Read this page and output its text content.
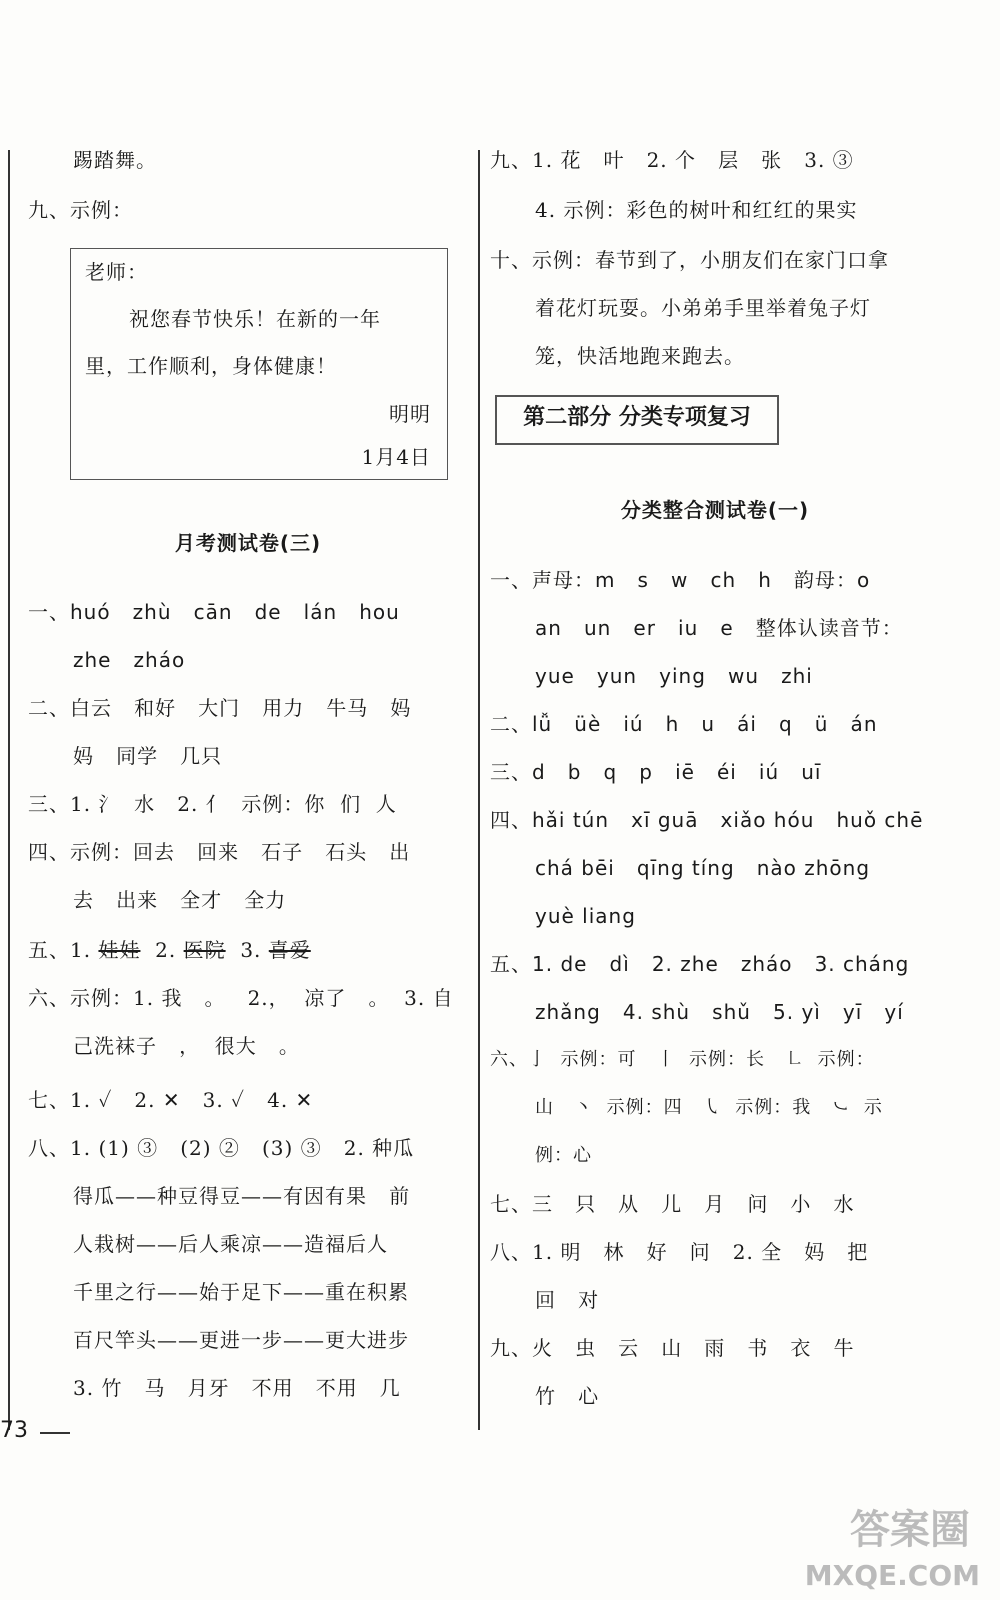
踢踏舞。
九、示例：
老师：
祝您春节快乐！在新的一年
里，工作顺利，身体健康！
明明
1月4日
月考测试卷(三)
一、huó   zhù   cān   de   lán   hou
zhe   zháo
二、白云   和好   大门   用力   牛马   妈
妈   同学   几只
三、1. 氵  水   2. 亻  示例：你  们  人
四、示例：回去   回来   石子   石头   出
去   出来   全才   全力
五、1. 娃娃  2. 医院  3. 喜爱
六、示例：1. 我   。   2.，  凉了   。  3. 自
己洗袜子   ，  很大   。
七、1. ✓   2. ✕   3. ✓   4. ✕
八、1. (1) ③   (2) ②   (3) ③   2. 种瓜
得瓜——种豆得豆——有因有果   前
人栽树——后人乘凉——造福后人
千里之行——始于足下——重在积累
百尺竿头——更进一步——更大进步
3. 竹   马   月牙   不用   不用   几
九、1. 花   叶   2. 个   层   张   3. ③
4. 示例：彩色的树叶和红红的果实
十、示例：春节到了，小朋友们在家门口拿
着花灯玩耍。小弟弟手里举着兔子灯
笼，快活地跑来跑去。
第二部分 分类专项复习
分类整合测试卷(一)
一、声母：m   s   w   ch   h   韵母：o
an   un   er   iu   e   整体认读音节：
yue   yun   ying   wu   zhi
二、lǚ   üè   iú   h   u   ái   q   ü   án
三、d   b   q   p   iē   éi   iú   uī
四、hǎi tún   xī guā   xiǎo hóu   huǒ chē
chá bēi   qīng tíng   nào zhōng
yuè liang
五、1. de   dì   2. zhe   zháo   3. cháng
zhǎng   4. shù   shǔ   5. yì   yī   yí
六、亅  示例：可   丨  示例：长   ㇗  示例：
山   丶  示例：四   ㇂  示例：我   ㇃  示
例：心
七、三   只   从   儿   月   问   小   水
八、1. 明   林   好   问   2. 全   妈   把
回   对
九、火   虫   云   山   雨   书   衣   牛
竹   心
73
答案圈
MXQE.COM
